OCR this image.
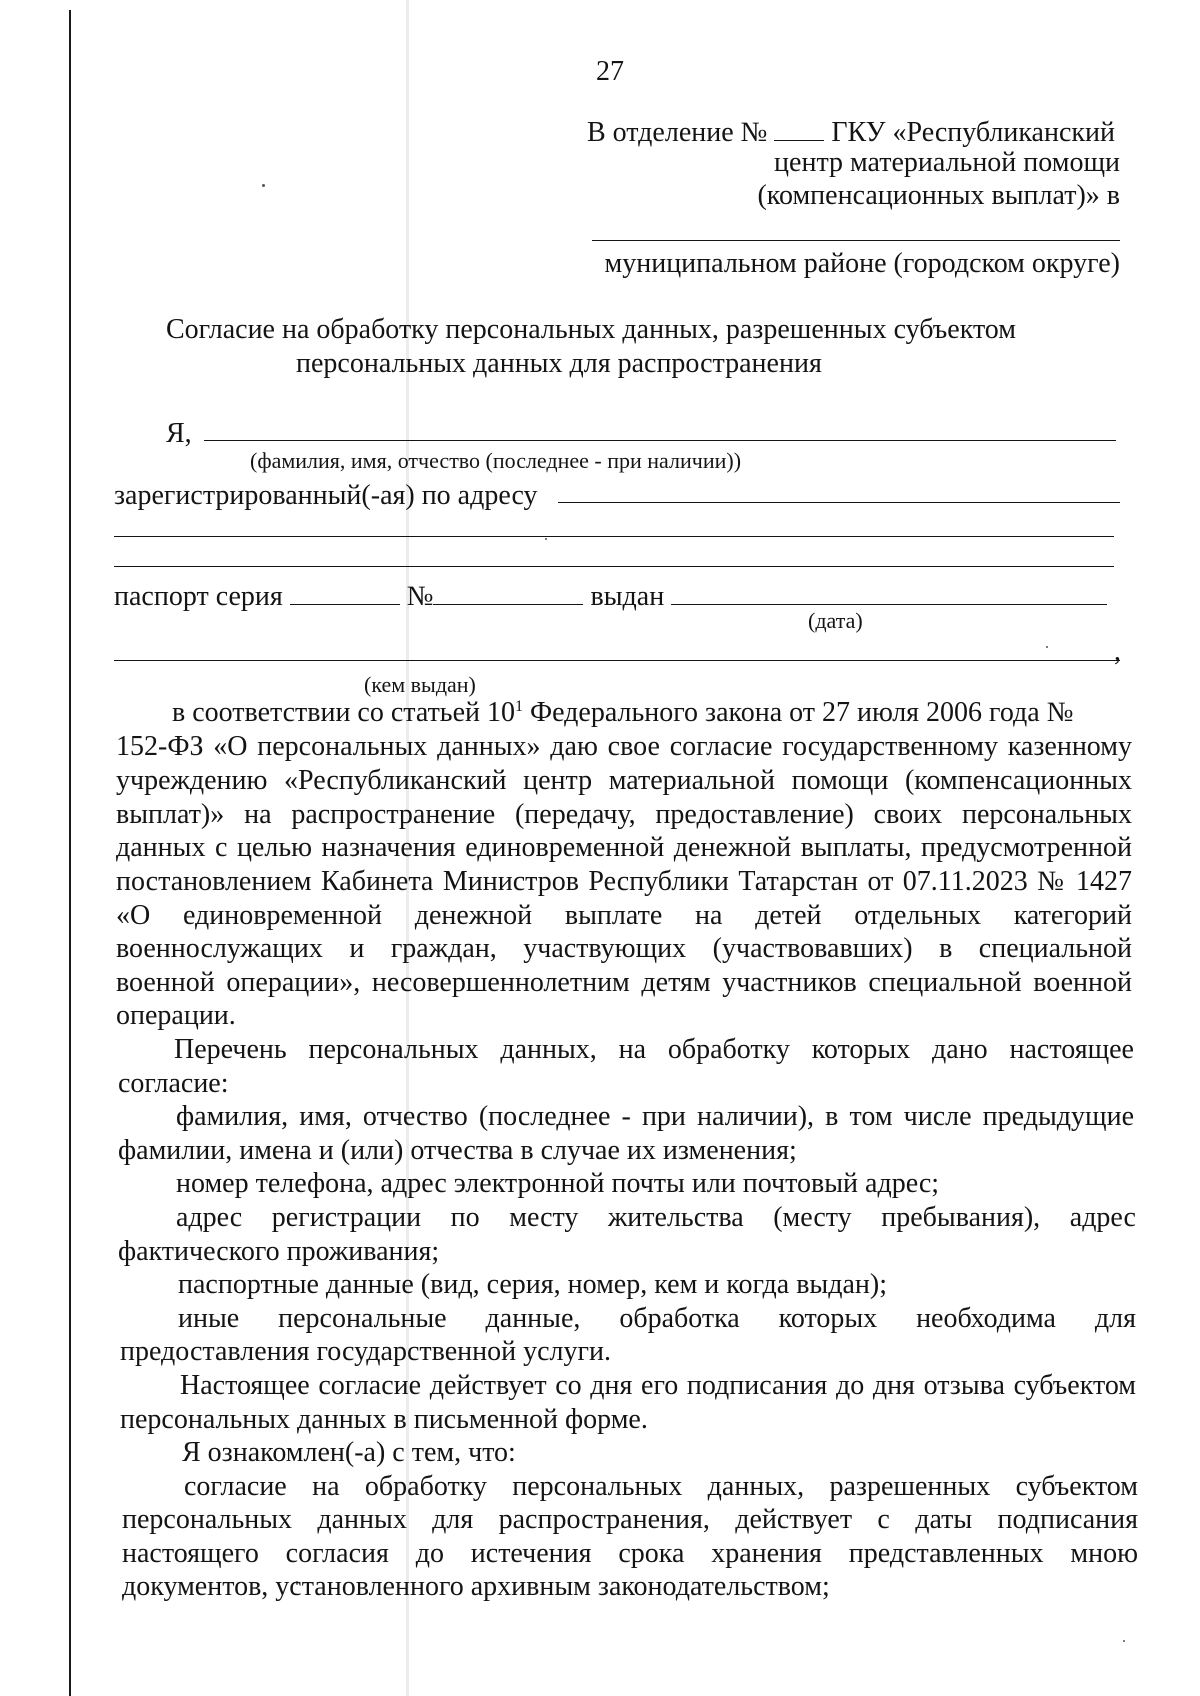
27
В отделение № ГКУ «Республиканский
центр материальной помощи
(компенсационных выплат)» в
муниципальном районе (городском округе)
Согласие на обработку персональных данных, разрешенных субъектом
персональных данных для распространения
Я,
(фамилия, имя, отчество (последнее - при наличии))
зарегистрированный(-ая) по адресу
паспорт серия	№	выдан
(дата)
,
(кем выдан)
в соответствии со статьей $10^1$ Федерального закона от 27 июля 2006 года №
152-ФЗ «О персональных данных» даю свое согласие государственному казенному
учреждению «Республиканский центр материальной помощи (компенсационных
выплат)» на распространение (передачу, предоставление) своих персональных
данных с целью назначения единовременной денежной выплаты, предусмотренной
постановлением Кабинета Министров Республики Татарстан от 07.11.2023 № 1427
«О единовременной денежной выплате на детей отдельных категорий
военнослужащих и граждан, участвующих (участвовавших) в специальной
военной операции», несовершеннолетним детям участников специальной военной
операции.
Перечень персональных данных, на обработку которых дано настоящее
согласие:
фамилия, имя, отчество (последнее - при наличии), в том числе предыдущие
фамилии, имена и (или) отчества в случае их изменения;
номер телефона, адрес электронной почты или почтовый адрес;
адрес регистрации по месту жительства (месту пребывания), адрес
фактического проживания;
паспортные данные (вид, серия, номер, кем и когда выдан);
иные персональные данные, обработка которых необходима для
предоставления государственной услуги.
Настоящее согласие действует со дня его подписания до дня отзыва субъектом
персональных данных в письменной форме.
Я ознакомлен(-а) с тем, что:
согласие на обработку персональных данных, разрешенных субъектом
персональных данных для распространения, действует с даты подписания
настоящего согласия до истечения срока хранения представленных мною
документов, установленного архивным законодательством;
